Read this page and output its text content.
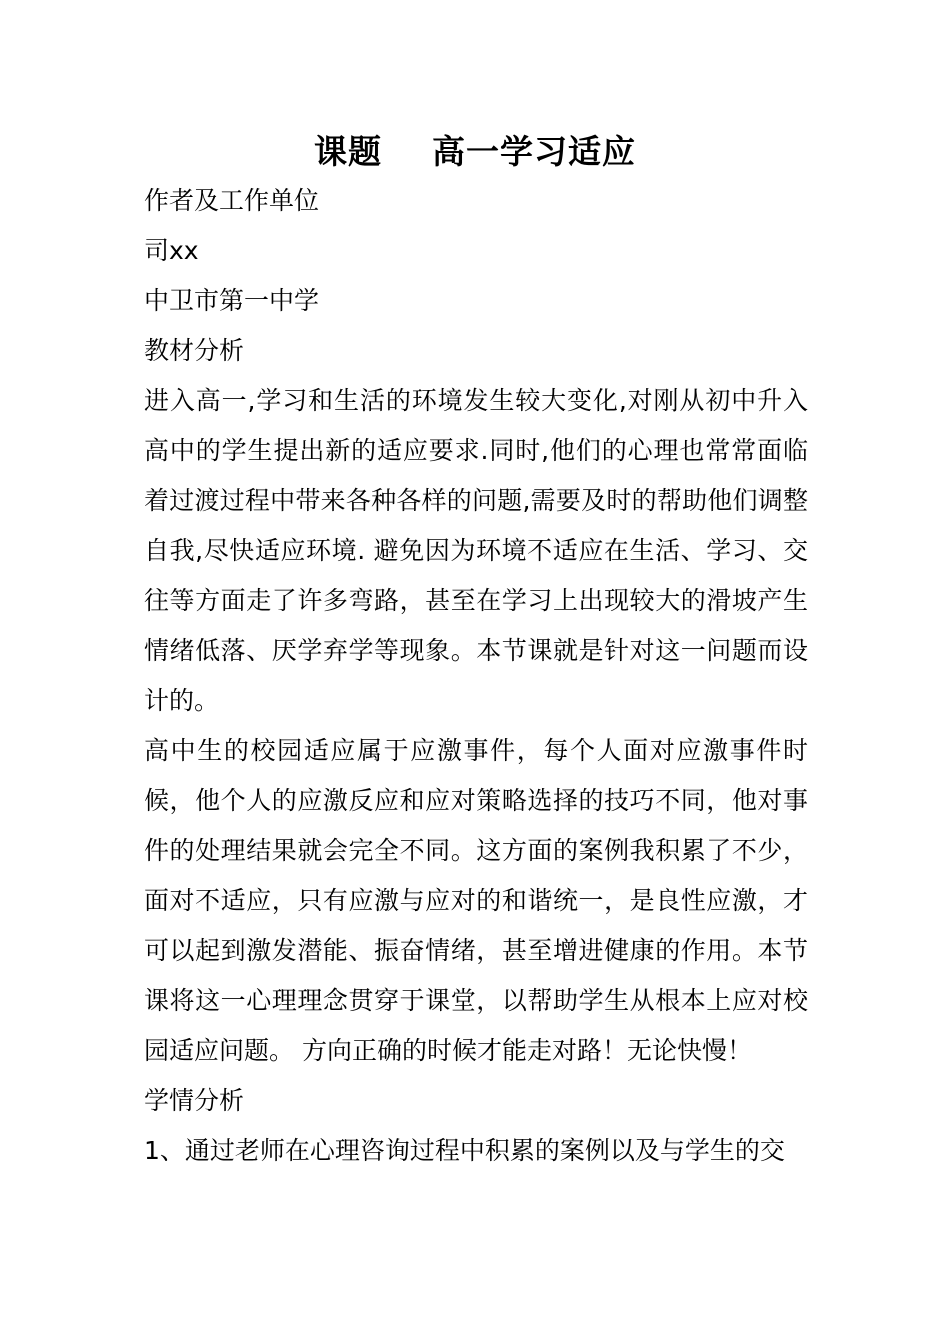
课题    高一学习适应

作者及工作单位

司xx

中卫市第一中学

教材分析

进入高一,学习和生活的环境发生较大变化,对刚从初中升入高中的学生提出新的适应要求.同时,他们的心理也常常面临着过渡过程中带来各种各样的问题,需要及时的帮助他们调整自我,尽快适应环境. 避免因为环境不适应在生活、学习、交往等方面走了许多弯路，甚至在学习上出现较大的滑坡产生情绪低落、厌学弃学等现象。本节课就是针对这一问题而设计的。

高中生的校园适应属于应激事件，每个人面对应激事件时候，他个人的应激反应和应对策略选择的技巧不同，他对事件的处理结果就会完全不同。这方面的案例我积累了不少，面对不适应，只有应激与应对的和谐统一，是良性应激，才可以起到激发潜能、振奋情绪，甚至增进健康的作用。本节课将这一心理理念贯穿于课堂，以帮助学生从根本上应对校园适应问题。 方向正确的时候才能走对路！无论快慢！

学情分析

1、通过老师在心理咨询过程中积累的案例以及与学生的交
